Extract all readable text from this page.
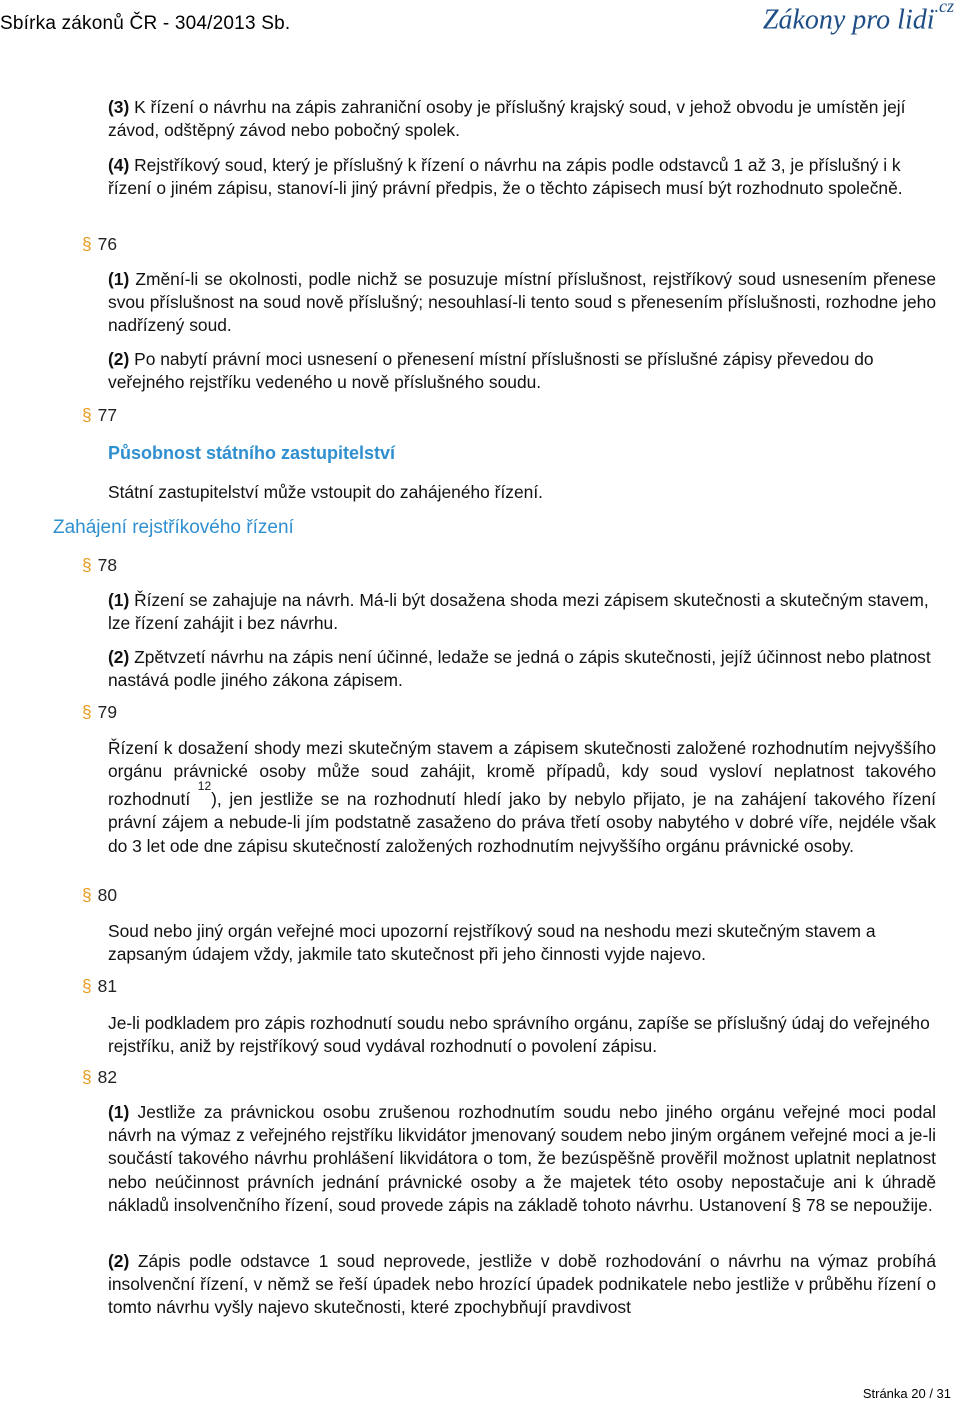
Sbírka zákonů ČR - 304/2013 Sb.	Zákony pro lidi$^{.cz}$

(3) K řízení o návrhu na zápis zahraniční osoby je příslušný krajský soud, v jehož obvodu je umístěn její závod, odštěpný závod nebo pobočný spolek.

(4) Rejstříkový soud, který je příslušný k řízení o návrhu na zápis podle odstavců 1 až 3, je příslušný i k řízení o jiném zápisu, stanoví-li jiný právní předpis, že o těchto zápisech musí být rozhodnuto společně.

§ 76

(1) Změní-li se okolnosti, podle nichž se posuzuje místní příslušnost, rejstříkový soud usnesením přenese svou příslušnost na soud nově příslušný; nesouhlasí-li tento soud s přenesením příslušnosti, rozhodne jeho nadřízený soud.

(2) Po nabytí právní moci usnesení o přenesení místní příslušnosti se příslušné zápisy převedou do veřejného rejstříku vedeného u nově příslušného soudu.

§ 77
Působnost státního zastupitelství

Státní zastupitelství může vstoupit do zahájeného řízení.

Zahájení rejstříkového řízení
§ 78

(1) Řízení se zahajuje na návrh. Má-li být dosažena shoda mezi zápisem skutečnosti a skutečným stavem, lze řízení zahájit i bez návrhu.

(2) Zpětvzetí návrhu na zápis není účinné, ledaže se jedná o zápis skutečnosti, jejíž účinnost nebo platnost nastává podle jiného zákona zápisem.

§ 79

Řízení k dosažení shody mezi skutečným stavem a zápisem skutečnosti založené rozhodnutím nejvyššího orgánu právnické osoby může soud zahájit, kromě případů, kdy soud vysloví neplatnost takového rozhodnutí $^{12}$), jen jestliže se na rozhodnutí hledí jako by nebylo přijato, je na zahájení takového řízení právní zájem a nebude-li jím podstatně zasaženo do práva třetí osoby nabytého v dobré víře, nejdéle však do 3 let ode dne zápisu skutečností založených rozhodnutím nejvyššího orgánu právnické osoby.

§ 80

Soud nebo jiný orgán veřejné moci upozorní rejstříkový soud na neshodu mezi skutečným stavem a zapsaným údajem vždy, jakmile tato skutečnost při jeho činnosti vyjde najevo.

§ 81

Je-li podkladem pro zápis rozhodnutí soudu nebo správního orgánu, zapíše se příslušný údaj do veřejného rejstříku, aniž by rejstříkový soud vydával rozhodnutí o povolení zápisu.

§ 82

(1) Jestliže za právnickou osobu zrušenou rozhodnutím soudu nebo jiného orgánu veřejné moci podal návrh na výmaz z veřejného rejstříku likvidátor jmenovaný soudem nebo jiným orgánem veřejné moci a je-li součástí takového návrhu prohlášení likvidátora o tom, že bezúspěšně prověřil možnost uplatnit neplatnost nebo neúčinnost právních jednání právnické osoby a že majetek této osoby nepostačuje ani k úhradě nákladů insolvenčního řízení, soud provede zápis na základě tohoto návrhu. Ustanovení § 78 se nepoužije.

(2) Zápis podle odstavce 1 soud neprovede, jestliže v době rozhodování o návrhu na výmaz probíhá insolvenční řízení, v němž se řeší úpadek nebo hrozící úpadek podnikatele nebo jestliže v průběhu řízení o tomto návrhu vyšly najevo skutečnosti, které zpochybňují pravdivost

Stránka 20 / 31
